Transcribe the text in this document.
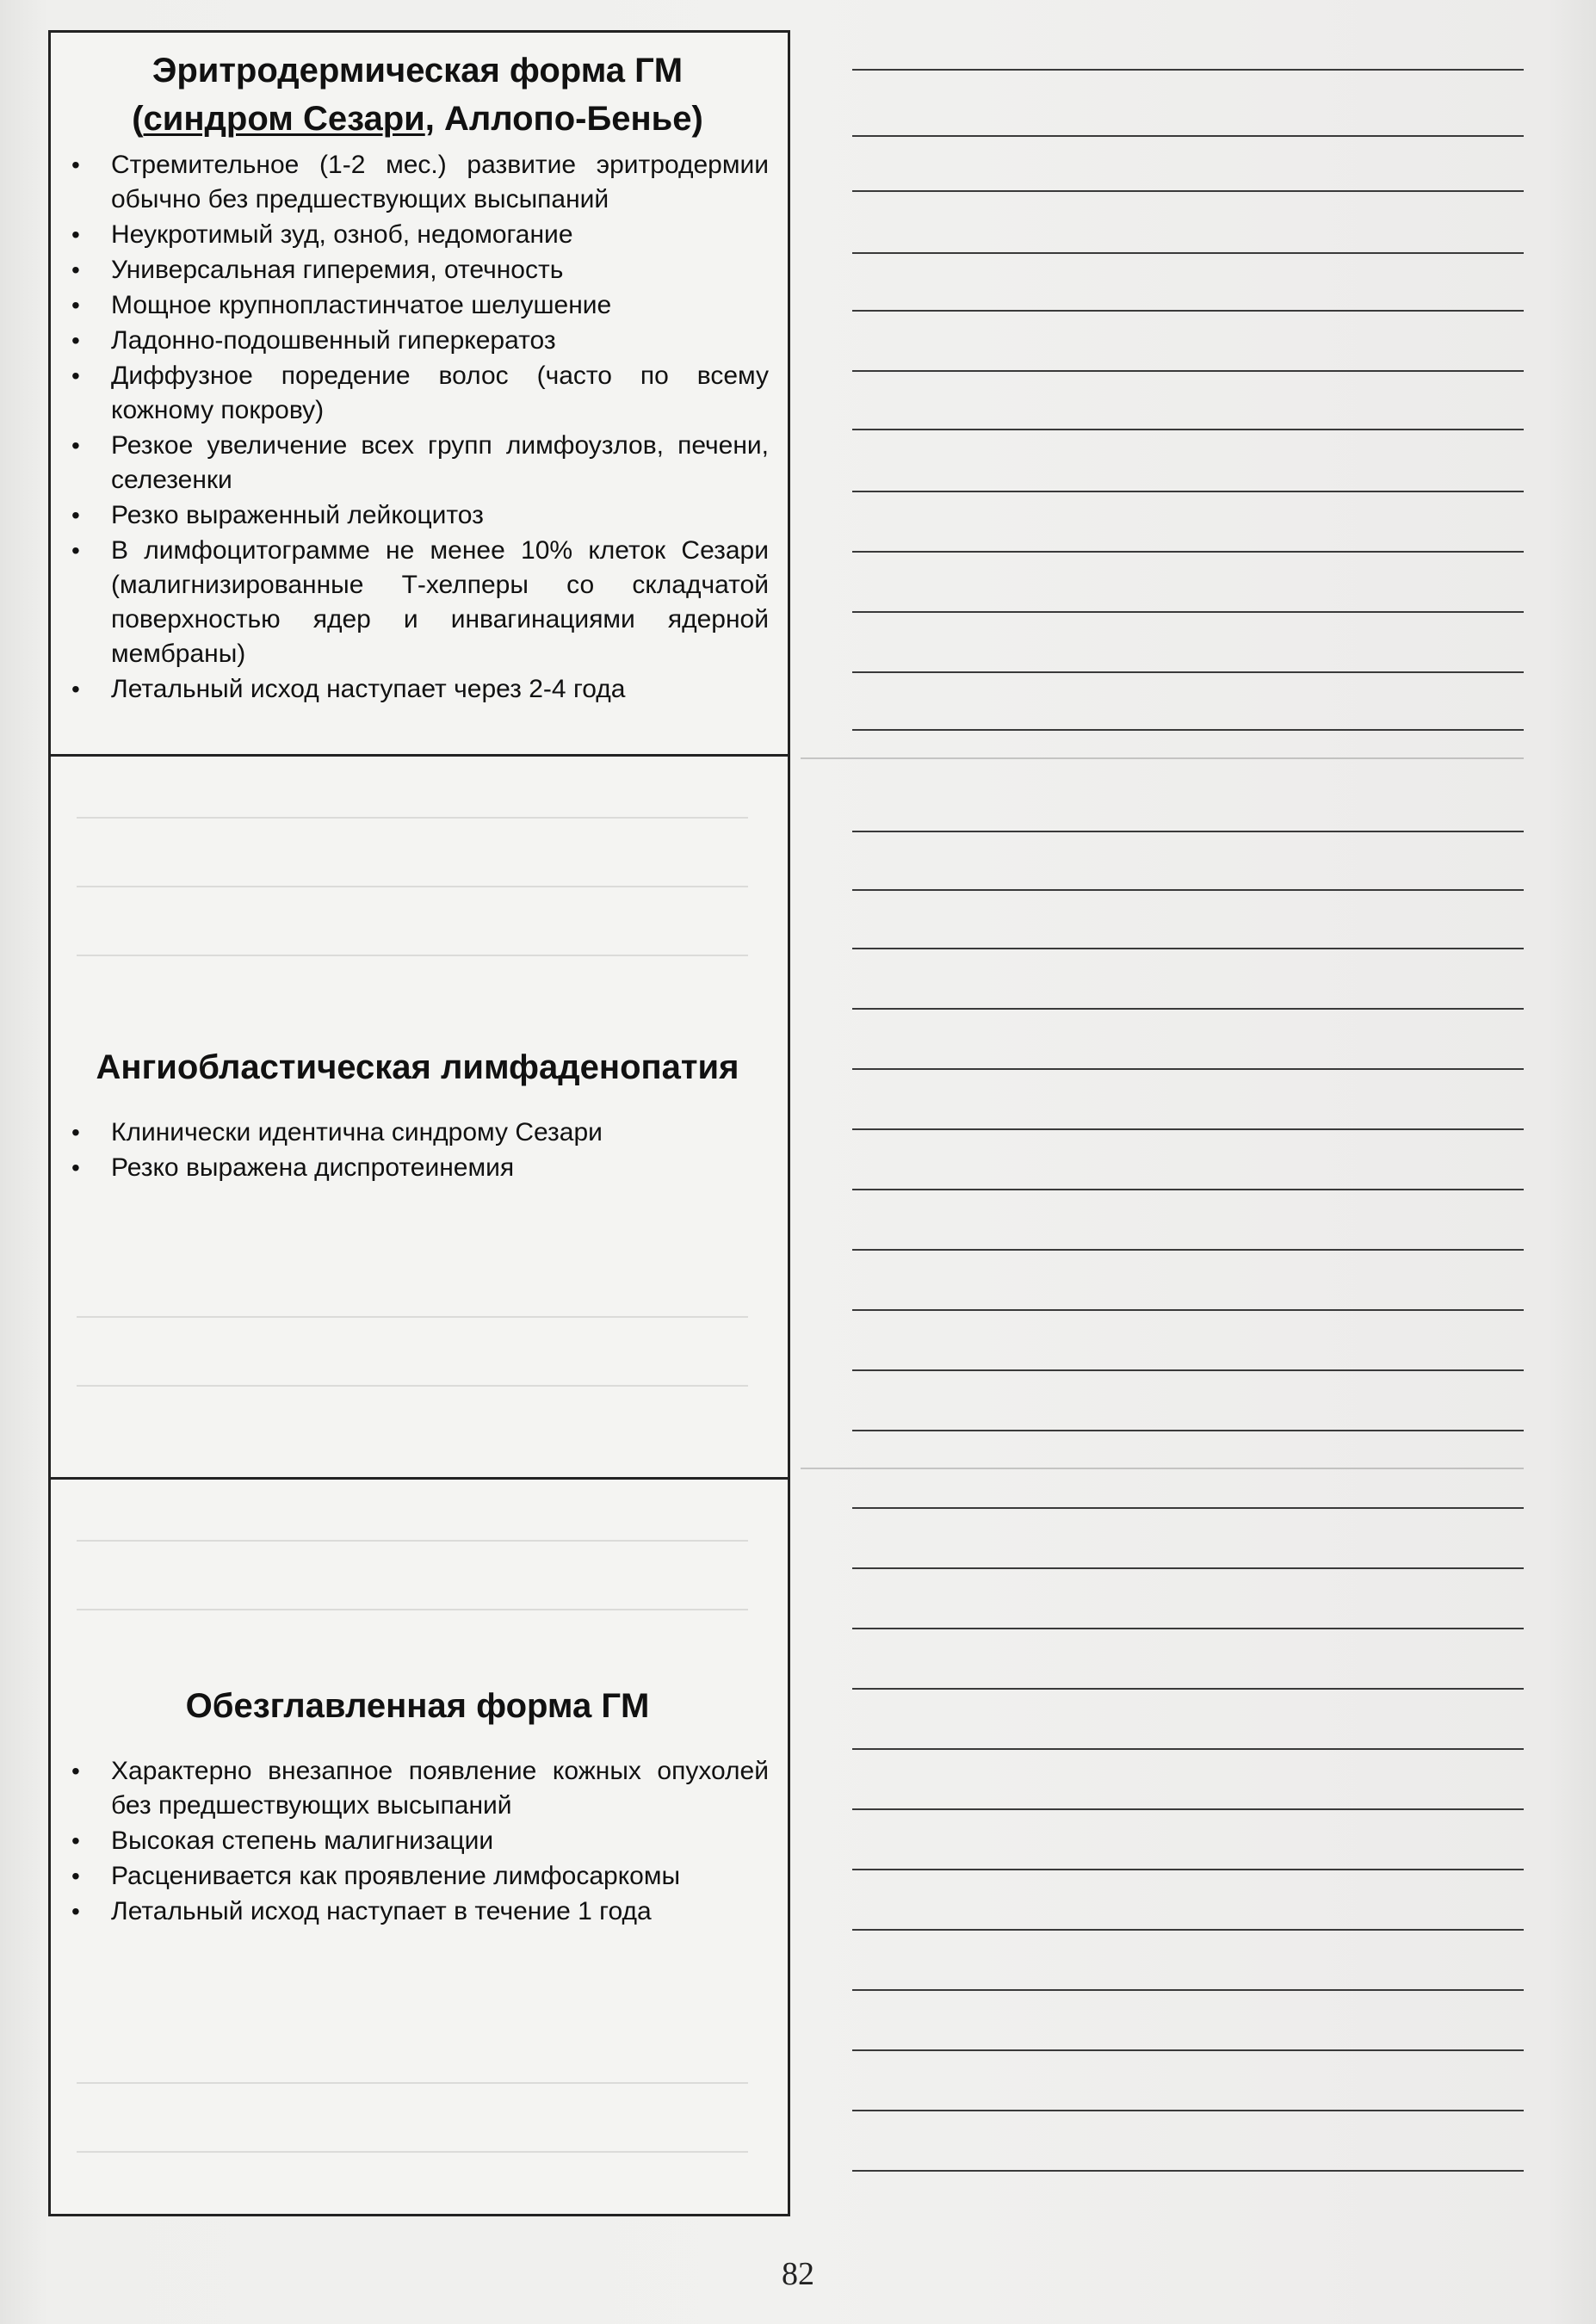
Эритродермическая форма ГМ
(синдром Сезари, Аллопо-Бенье)
• Стремительное (1-2 мес.) развитие эритродермии обычно без предшествующих высыпаний
• Неукротимый зуд, озноб, недомогание
• Универсальная гиперемия, отечность
• Мощное крупнопластинчатое шелушение
• Ладонно-подошвенный гиперкератоз
• Диффузное поредение волос (часто по всему кожному покрову)
• Резкое увеличение всех групп лимфоузлов, печени, селезенки
• Резко выраженный лейкоцитоз
• В лимфоцитограмме не менее 10% клеток Сезари (малигнизированные Т-хелперы со складчатой поверхностью ядер и инвагинациями ядерной мембраны)
• Летальный исход наступает через 2-4 года
Ангиобластическая лимфаденопатия
• Клинически идентична синдрому Сезари
• Резко выражена диспротеинемия
Обезглавленная форма ГМ
• Характерно внезапное появление кожных опухолей без предшествующих высыпаний
• Высокая степень малигнизации
• Расценивается как проявление лимфосаркомы
• Летальный исход наступает в течение 1 года
82
